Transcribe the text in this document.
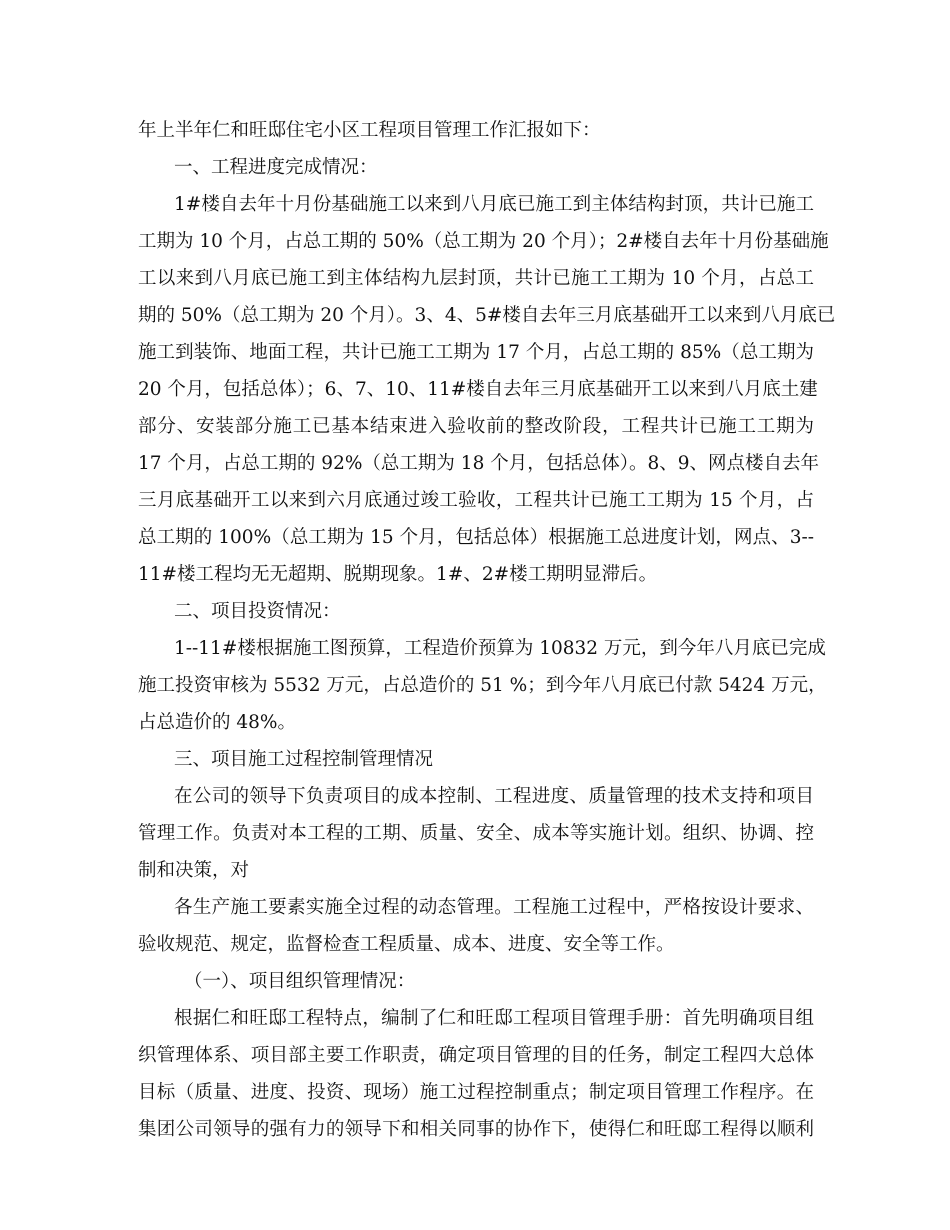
年上半年仁和旺邸住宅小区工程项目管理工作汇报如下：
一、工程进度完成情况：
1#楼自去年十月份基础施工以来到八月底已施工到主体结构封顶，共计已施工
工期为 10 个月，占总工期的 50%（总工期为 20 个月）；2#楼自去年十月份基础施
工以来到八月底已施工到主体结构九层封顶，共计已施工工期为 10 个月，占总工
期的 50%（总工期为 20 个月）。3、4、5#楼自去年三月底基础开工以来到八月底已
施工到装饰、地面工程，共计已施工工期为 17 个月，占总工期的 85%（总工期为
20 个月，包括总体）；6、7、10、11#楼自去年三月底基础开工以来到八月底土建
部分、安装部分施工已基本结束进入验收前的整改阶段，工程共计已施工工期为
17 个月，占总工期的 92%（总工期为 18 个月，包括总体）。8、9、网点楼自去年
三月底基础开工以来到六月底通过竣工验收，工程共计已施工工期为 15 个月，占
总工期的 100%（总工期为 15 个月，包括总体）根据施工总进度计划，网点、3--
11#楼工程均无无超期、脱期现象。1#、2#楼工期明显滞后。
二、项目投资情况：
1--11#楼根据施工图预算，工程造价预算为 10832 万元，到今年八月底已完成
施工投资审核为 5532 万元，占总造价的 51 %；到今年八月底已付款 5424 万元，
占总造价的 48%。
三、项目施工过程控制管理情况
在公司的领导下负责项目的成本控制、工程进度、质量管理的技术支持和项目
管理工作。负责对本工程的工期、质量、安全、成本等实施计划。组织、协调、控
制和决策，对
各生产施工要素实施全过程的动态管理。工程施工过程中，严格按设计要求、
验收规范、规定，监督检查工程质量、成本、进度、安全等工作。
（一）、项目组织管理情况：
根据仁和旺邸工程特点，编制了仁和旺邸工程项目管理手册：首先明确项目组
织管理体系、项目部主要工作职责，确定项目管理的目的任务，制定工程四大总体
目标（质量、进度、投资、现场）施工过程控制重点；制定项目管理工作程序。在
集团公司领导的强有力的领导下和相关同事的协作下，使得仁和旺邸工程得以顺利
